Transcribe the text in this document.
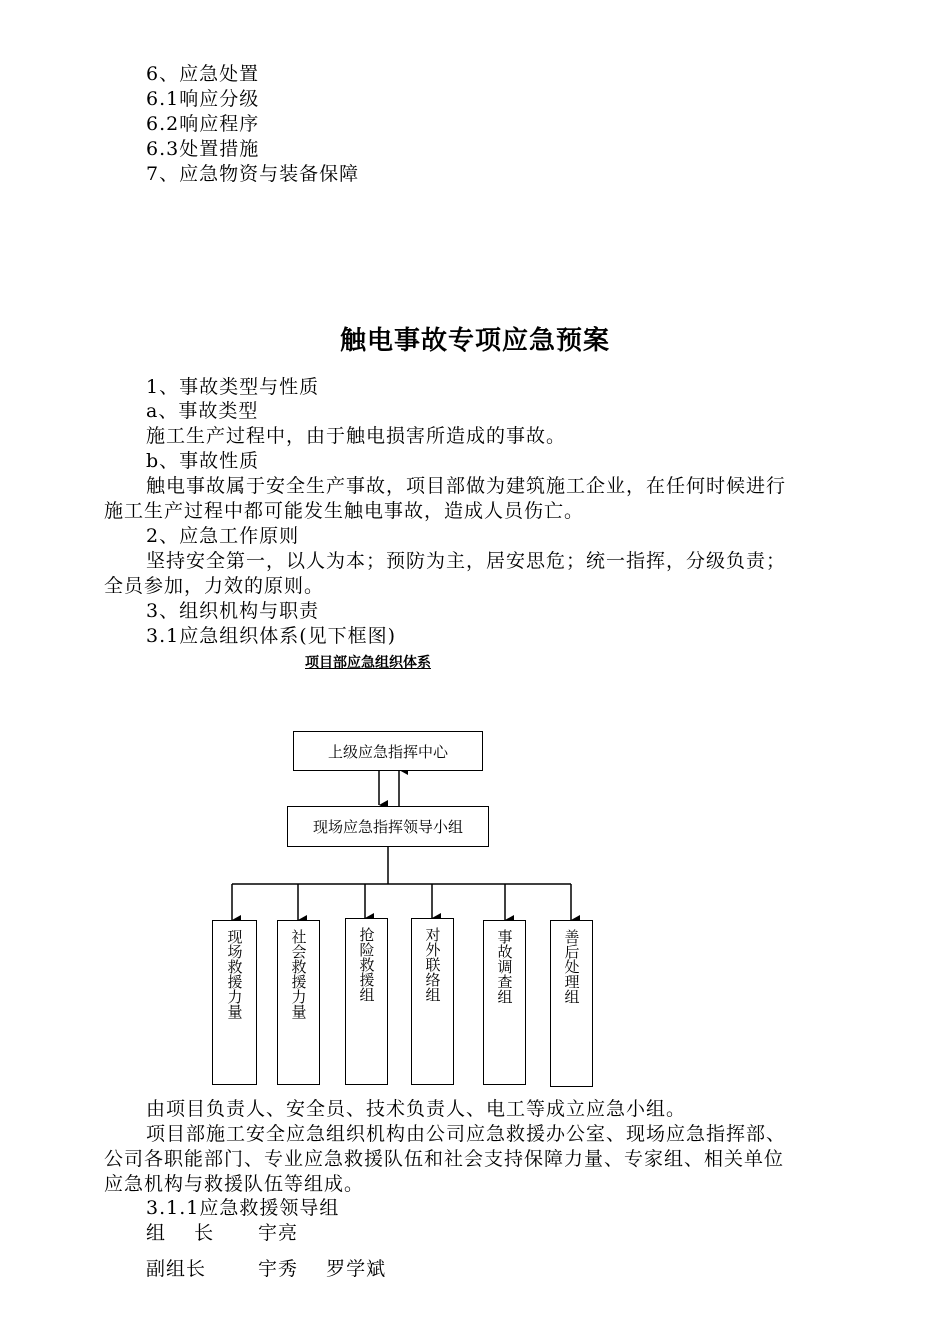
6、应急处置
6.1响应分级
6.2响应程序
6.3处置措施
7、应急物资与装备保障
触电事故专项应急预案
1、事故类型与性质
a、事故类型
施工生产过程中，由于触电损害所造成的事故。
b、事故性质
触电事故属于安全生产事故，项目部做为建筑施工企业，在任何时候进行
施工生产过程中都可能发生触电事故，造成人员伤亡。
2、应急工作原则
坚持安全第一，以人为本；预防为主，居安思危；统一指挥，分级负责；
全员参加，力效的原则。
3、组织机构与职责
3.1应急组织体系(见下框图)
项目部应急组织体系
上级应急指挥中心
现场应急指挥领导小组
现场救援力量	社会救援力量	抢险救援组	对外联络组	事故调查组	善后处理组
由项目负责人、安全员、技术负责人、电工等成立应急小组。
项目部施工安全应急组织机构由公司应急救援办公室、现场应急指挥部、
公司各职能部门、专业应急救援队伍和社会支持保障力量、专家组、相关单位
应急机构与救援队伍等组成。
3.1.1应急救援领导组
组    长 宇亮
副组长	宇秀    罗学斌
